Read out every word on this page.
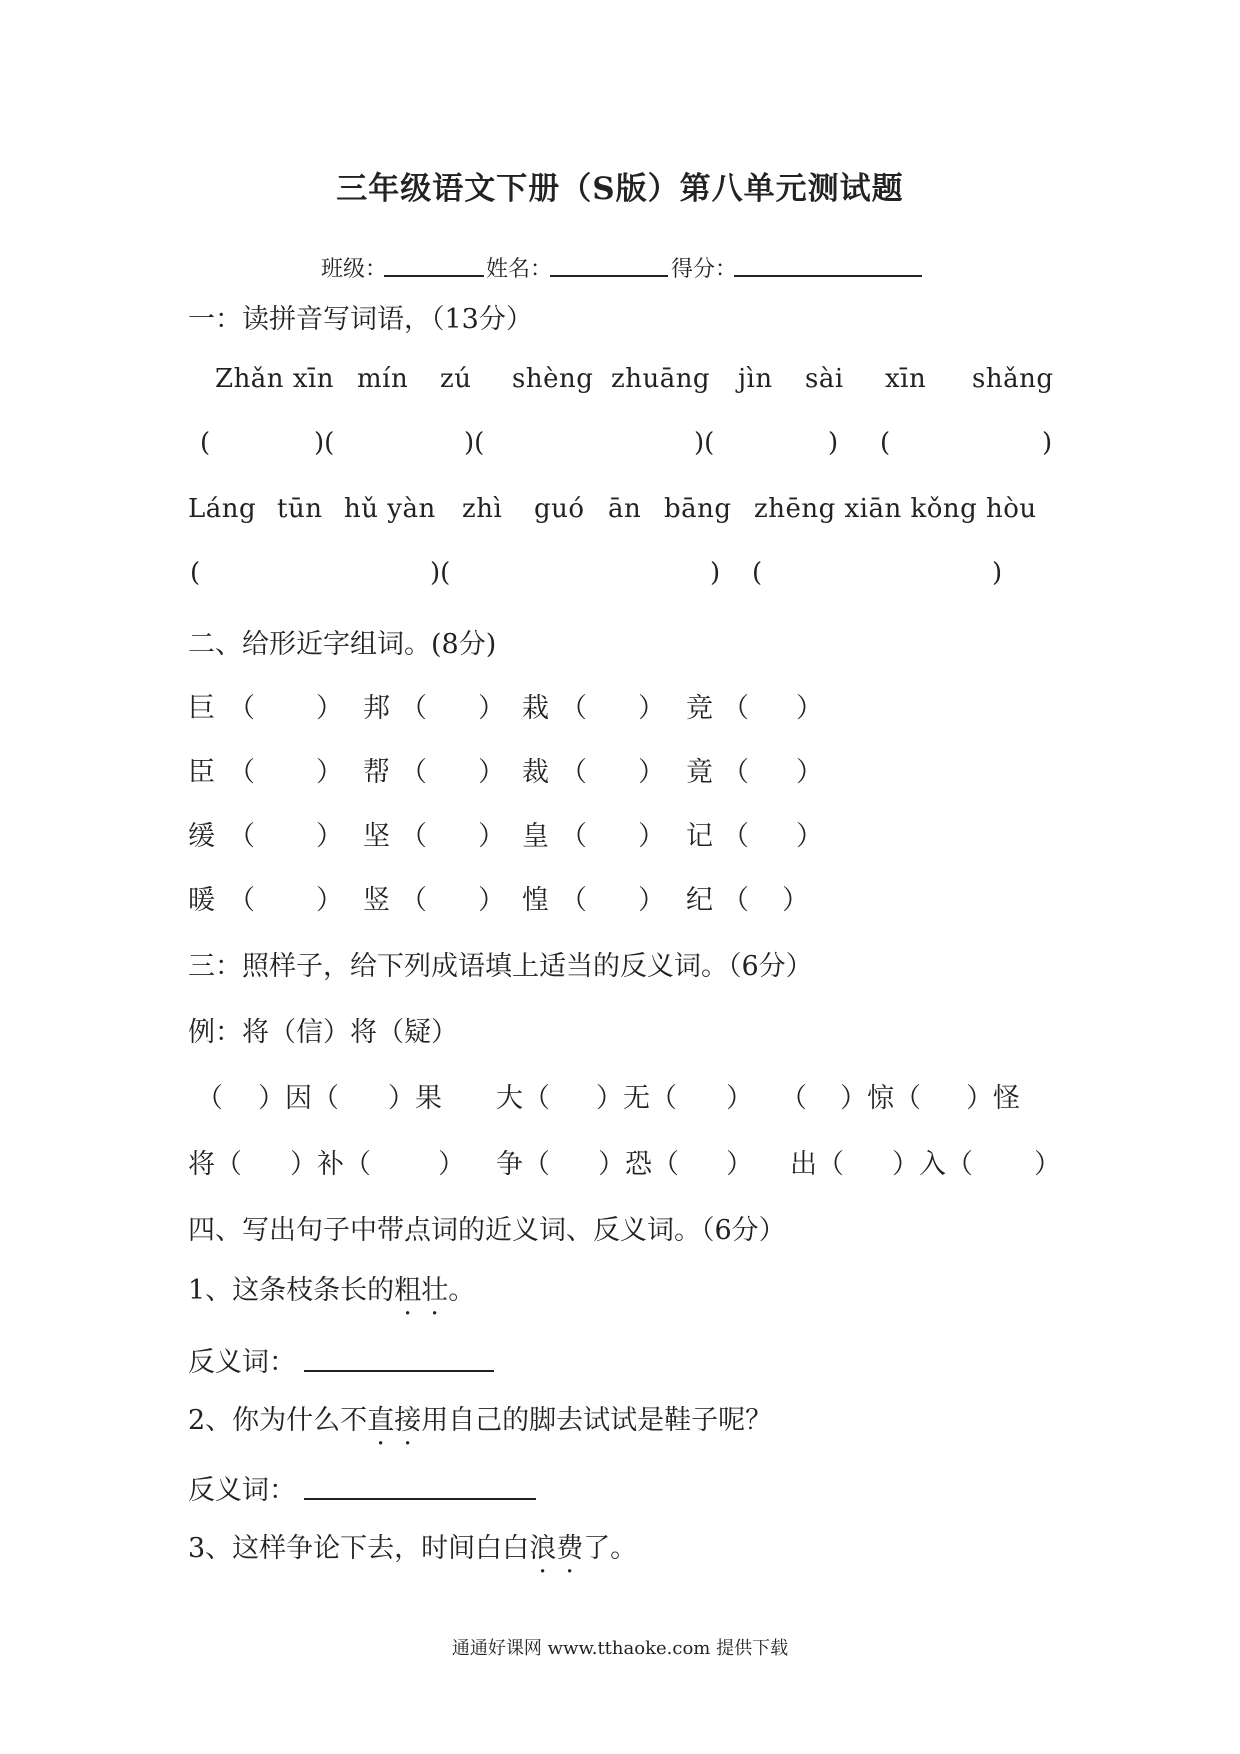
三年级语文下册（S版）第八单元测试题
班级：	姓名：	得分：
一：读拼音写词语，（13分）
Zhǎn xīn mín zú shèng zhuāng jìn sài xīn shǎng
(	)(	)(	)(	) (	)
Láng tūn hǔ yàn zhì guó ān bāng zhēng xiān kǒng hòu
(	)(	) (	)
二、给形近字组词。(8分)
巨 （ ） 邦 （ ） 栽 （ ） 竞 （ ）
臣 （ ） 帮 （ ） 裁 （ ） 竟 （ ）
缓 （ ） 坚 （ ） 皇 （ ） 记 （ ）
暖 （ ） 竖 （ ） 惶 （ ） 纪 （ ）
三：照样子，给下列成语填上适当的反义词。（6分）
例：将（信）将（疑）
（ ）因（ ）果 大（ ）无（ ） （ ）惊（ ）怪
将（ ）补（ ） 争（ ）恐（ ） 出（ ）入（ ）
四、写出句子中带点词的近义词、反义词。（6分）
1、这条枝条长的粗壮。
反义词：
2、你为什么不直接用自己的脚去试试是鞋子呢？
反义词：
3、这样争论下去，时间白白浪费了。
通通好课网 www.tthaoke.com 提供下载
